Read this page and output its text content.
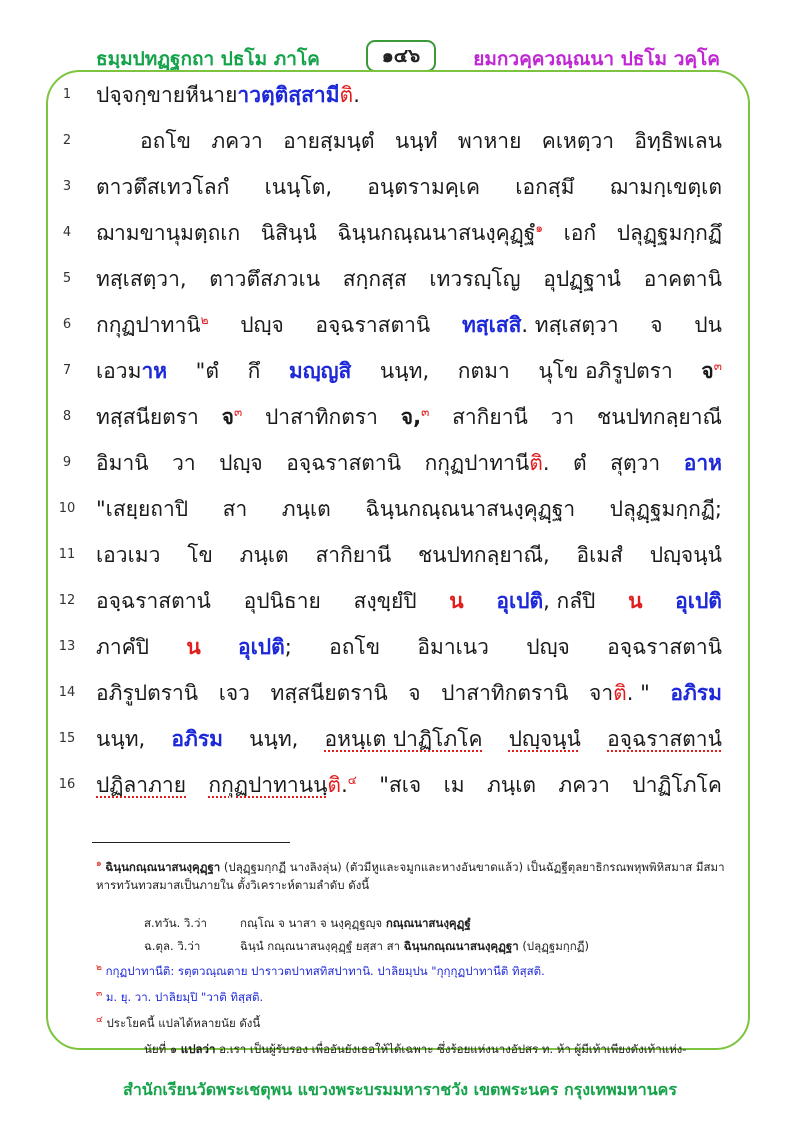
ธมฺมปทฏฺฐกถา ปธโม ภาโค	๑๔๖	ยมกวคฺควณฺณนา ปธโม วคฺโค
1	ปจฺจกฺขาย หีนายาวตฺติสฺสามีติ.
2	อถโข ภควา อายสฺมนฺตํ นนฺทํ พาหาย คเหตฺวา อิทฺธิพเลน
3	ตาวตึสเทวโลกํ เนนฺโต, อนฺตรามคฺเค เอกสฺมึ ฌามกฺเขตฺเต
4	ฌามขานุมตฺถเก นิสินฺนํ ฉินฺนกณฺณนาสนงฺคุฏฺฐํ$^๑$ เอกํ ปลุฏฺฐมกฺกฏึ
5	ทสฺเสตฺวา, ตาวตึสภวเน สกฺกสฺส เทวรญฺโญ อุปฏฺฐานํ อาคตานิ
6	กกุฏปาทานิ$^๒$ ปญฺจ อจฺฉราสตานิ ทสฺเสสิ. ทสฺเสตฺวา จ ปน
7	เอวมาห "ตํ กึ มญฺญสิ นนฺท, กตมา นุโข อภิรูปตรา จ$^๓$
8	ทสฺสนียตรา จ$^๓$ ปาสาทิกตรา จ,$^๓$ สากิยานี วา ชนปทกลฺยาณี
9	อิมานิ วา ปญฺจ อจฺฉราสตานิ กกุฏปาทานีติ. ตํ สุตฺวา อาห
10 "เสยฺยถาปิ สา ภนฺเต ฉินฺนกณฺณนาสนงฺคุฏฺฐา ปลุฏฺฐมกฺกฏี;
11 เอวเมว โข ภนฺเต สากิยานี ชนปทกลฺยาณี, อิเมสํ ปญฺจนฺนํ
12 อจฺฉราสตานํ อุปนิธาย สงฺขฺยํปิ น อุเปติ, กลํปิ น อุเปติ
13 ภาคํปิ น อุเปติ; อถโข อิมาเนว ปญฺจ อจฺฉราสตานิ
14 อภิรูปตรานิ เจว ทสฺสนียตรานิ จ ปาสาทิกตรานิ จาติ. " อภิรม
15 นนฺท, อภิรม นนฺท, อหนฺเต ปาฏิโภโค ปญฺจนฺนํ อจฺฉราสตานํ
16 ปฏิลาภาย กกุฏปาทานนฺติ.$^๔$ "สเจ เม ภนฺเต ภควา ปาฏิโภโค
$^๑$ ฉินฺนกณฺณนาสนงฺคุฏฺฐา (ปลุฏฺฐมกฺกฏี นางลิงลุ่น) (ตัวมีหูและจมูกและหางอันขาดแล้ว) เป็นฉัฏฐีตุลยาธิกรณพหุพพิหิสมาส มีสมาหารทวันทวสมาสเป็นภายใน ตั้งวิเคราะห์ตามลำดับ ดังนี้
ส.ทวัน. วิ.ว่า	กณฺโณ จ นาสา จ นงฺคุฏฺฐญฺจ กณฺณนาสนงฺคุฏฺฐํ
ฉ.ตุล. วิ.ว่า	ฉินฺนํ กณฺณนาสนงฺคุฏฺฐํ ยสฺสา สา ฉินฺนกณฺณนาสนงฺคุฏฺฐา (ปลุฏฺฐมกฺกฏี)
$^๒$ กกุฏปาทานีติ: รตฺตวณฺณตาย ปาราวตปาทสทิสปาทานิ. ปาลิยมฺปน "กุกฺกุฏปาทานีติ ทิสฺสติ.
$^๓$ ม. ยุ. วา. ปาลิยมฺปิ "วาติ ทิสฺสติ.
$^๔$ ประโยคนี้ แปลได้หลายนัย ดังนี้
นัยที่ ๑ แปลว่า อ.เรา เป็นผู้รับรอง เพื่ออันยังเธอให้ได้เฉพาะ ซึ่งร้อยแห่งนางอัปสร ท. ห้า ผู้มีเท้าเพียงดังเท้าแห่ง-
สำนักเรียนวัดพระเชตุพน แขวงพระบรมมหาราชวัง เขตพระนคร กรุงเทพมหานคร
